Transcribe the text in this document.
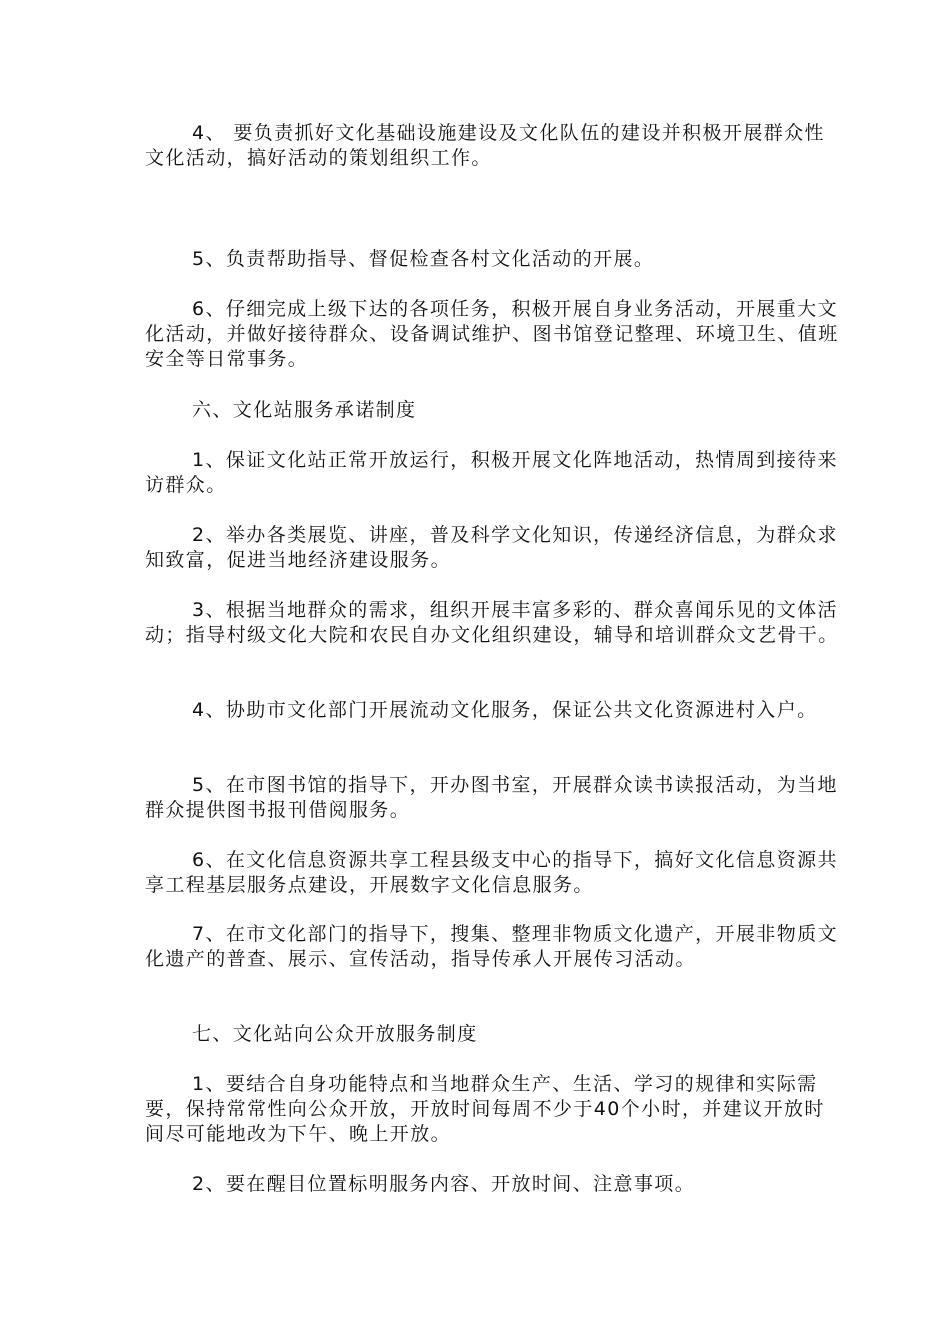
4、 要负责抓好文化基础设施建设及文化队伍的建设并积极开展群众性文化活动，搞好活动的策划组织工作。

5、负责帮助指导、督促检查各村文化活动的开展。

6、仔细完成上级下达的各项任务，积极开展自身业务活动，开展重大文化活动，并做好接待群众、设备调试维护、图书馆登记整理、环境卫生、值班安全等日常事务。

六、文化站服务承诺制度

1、保证文化站正常开放运行，积极开展文化阵地活动，热情周到接待来访群众。

2、举办各类展览、讲座，普及科学文化知识，传递经济信息，为群众求知致富，促进当地经济建设服务。

3、根据当地群众的需求，组织开展丰富多彩的、群众喜闻乐见的文体活动；指导村级文化大院和农民自办文化组织建设，辅导和培训群众文艺骨干。

4、协助市文化部门开展流动文化服务，保证公共文化资源进村入户。

5、在市图书馆的指导下，开办图书室，开展群众读书读报活动，为当地群众提供图书报刊借阅服务。

6、在文化信息资源共享工程县级支中心的指导下，搞好文化信息资源共享工程基层服务点建设，开展数字文化信息服务。

7、在市文化部门的指导下，搜集、整理非物质文化遗产，开展非物质文化遗产的普查、展示、宣传活动，指导传承人开展传习活动。

七、文化站向公众开放服务制度

1、要结合自身功能特点和当地群众生产、生活、学习的规律和实际需要，保持常常性向公众开放，开放时间每周不少于40个小时，并建议开放时间尽可能地改为下午、晚上开放。

2、要在醒目位置标明服务内容、开放时间、注意事项。
